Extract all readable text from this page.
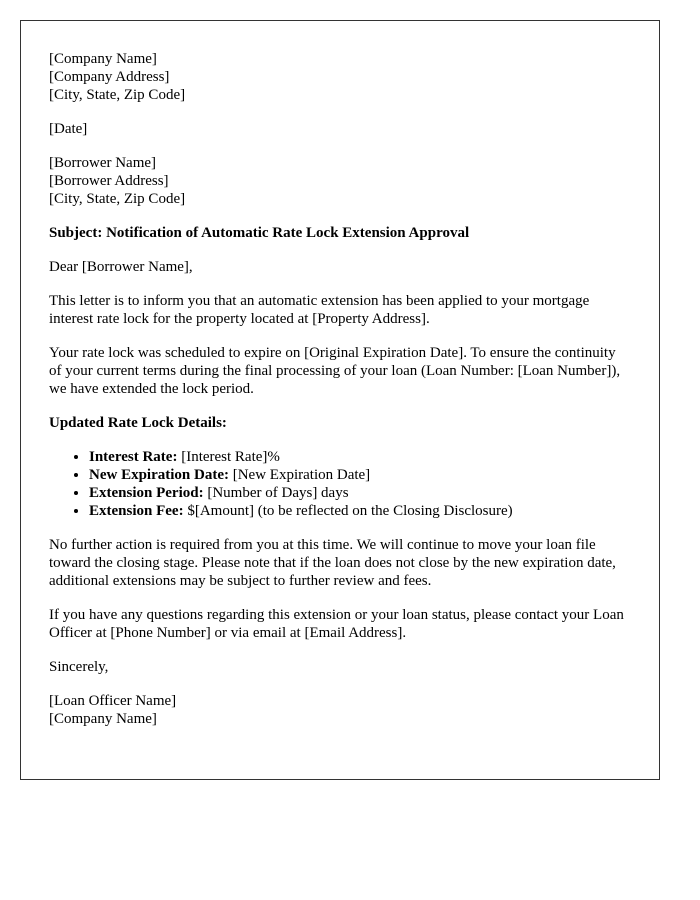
[Company Name]
[Company Address]
[City, State, Zip Code]

[Date]

[Borrower Name]
[Borrower Address]
[City, State, Zip Code]

Subject: Notification of Automatic Rate Lock Extension Approval

Dear [Borrower Name],

This letter is to inform you that an automatic extension has been applied to your mortgage interest rate lock for the property located at [Property Address].

Your rate lock was scheduled to expire on [Original Expiration Date]. To ensure the continuity of your current terms during the final processing of your loan (Loan Number: [Loan Number]), we have extended the lock period.

Updated Rate Lock Details:

• Interest Rate: [Interest Rate]%
• New Expiration Date: [New Expiration Date]
• Extension Period: [Number of Days] days
• Extension Fee: $[Amount] (to be reflected on the Closing Disclosure)

No further action is required from you at this time. We will continue to move your loan file toward the closing stage. Please note that if the loan does not close by the new expiration date, additional extensions may be subject to further review and fees.

If you have any questions regarding this extension or your loan status, please contact your Loan Officer at [Phone Number] or via email at [Email Address].

Sincerely,

[Loan Officer Name]
[Company Name]
